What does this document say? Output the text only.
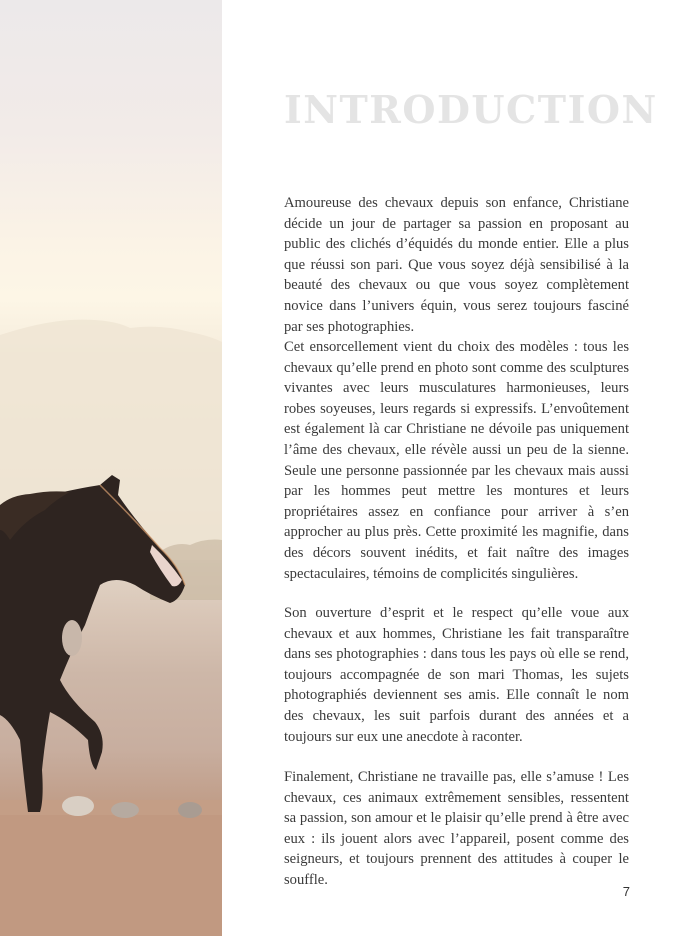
INTRODUCTION

Amoureuse des chevaux depuis son enfance, Christiane décide un jour de partager sa passion en proposant au public des clichés d’équidés du monde entier. Elle a plus que réussi son pari. Que vous soyez déjà sensibilisé à la beauté des chevaux ou que vous soyez complètement novice dans l’univers équin, vous serez toujours fasciné par ses photographies.

Cet ensorcellement vient du choix des modèles : tous les chevaux qu’elle prend en photo sont comme des sculptures vivantes avec leurs musculatures harmonieuses, leurs robes soyeuses, leurs regards si expressifs. L’envoûtement est également là car Christiane ne dévoile pas uniquement l’âme des chevaux, elle révèle aussi un peu de la sienne. Seule une personne passionnée par les chevaux mais aussi par les hommes peut mettre les montures et leurs propriétaires assez en confiance pour arriver à s’en approcher au plus près. Cette proximité les magnifie, dans des décors souvent inédits, et fait naître des images spectaculaires, témoins de complicités singulières.

Son ouverture d’esprit et le respect qu’elle voue aux chevaux et aux hommes, Christiane les fait transparaître dans ses photographies : dans tous les pays où elle se rend, toujours accompagnée de son mari Thomas, les sujets photographiés deviennent ses amis. Elle connaît le nom des chevaux, les suit parfois durant des années et a toujours sur eux une anecdote à raconter.

Finalement, Christiane ne travaille pas, elle s’amuse ! Les chevaux, ces animaux extrêmement sensibles, ressentent sa passion, son amour et le plaisir qu’elle prend à être avec eux : ils jouent alors avec l’appareil, posent comme des seigneurs, et toujours prennent des attitudes à couper le souffle.

7
